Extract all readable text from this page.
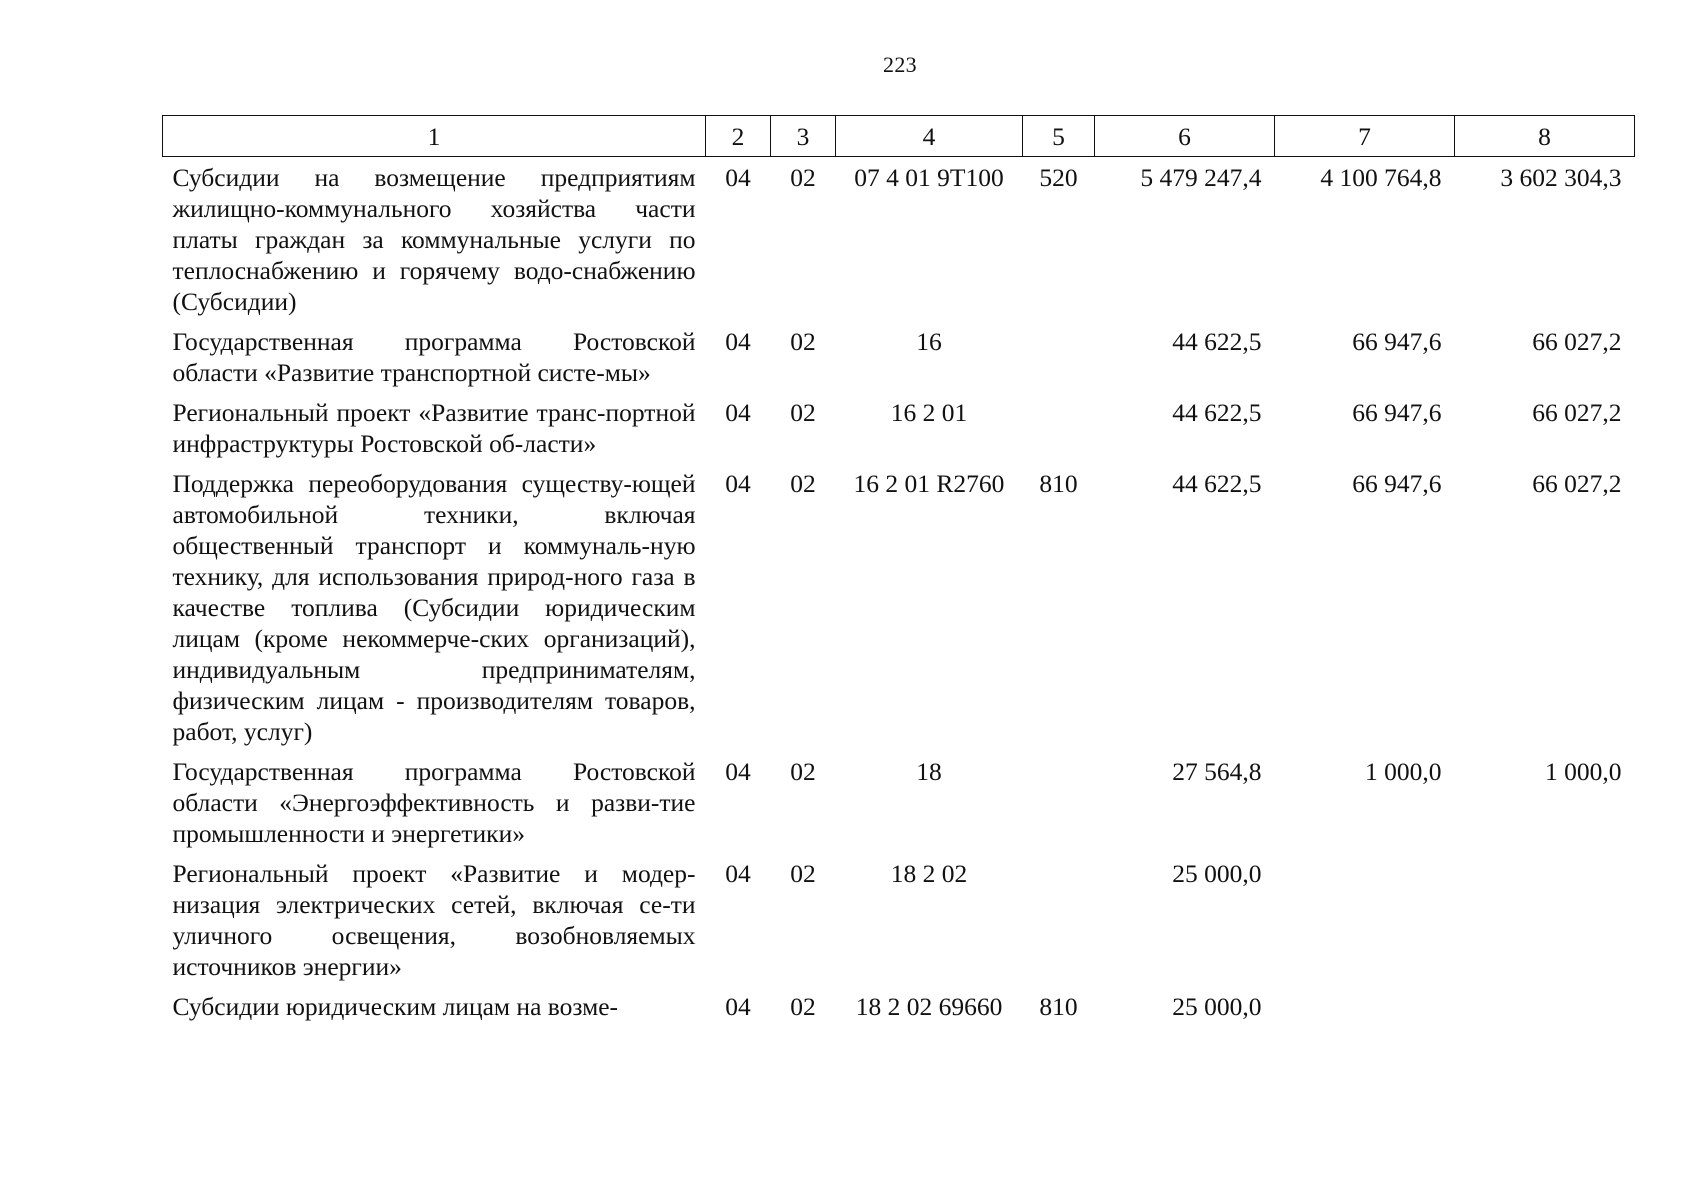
223
1	2	3	4	5	6	7	8
Субсидии на возмещение предприятиям жилищно-коммунального хозяйства части платы граждан за коммунальные услуги по теплоснабжению и горячему водо-снабжению (Субсидии)	04	02	07 4 01 9Т100	520	5 479 247,4	4 100 764,8	3 602 304,3
Государственная программа Ростовской области «Развитие транспортной систе-мы»	04	02	16		44 622,5	66 947,6	66 027,2
Региональный проект «Развитие транс-портной инфраструктуры Ростовской об-ласти»	04	02	16 2 01		44 622,5	66 947,6	66 027,2
Поддержка переоборудования существу-ющей автомобильной техники, включая общественный транспорт и коммуналь-ную технику, для использования природ-ного газа в качестве топлива (Субсидии юридическим лицам (кроме некоммерче-ских организаций), индивидуальным предпринимателям, физическим лицам - производителям товаров, работ, услуг)	04	02	16 2 01 R2760	810	44 622,5	66 947,6	66 027,2
Государственная программа Ростовской области «Энергоэффективность и разви-тие промышленности и энергетики»	04	02	18		27 564,8	1 000,0	1 000,0
Региональный проект «Развитие и модер-низация электрических сетей, включая се-ти уличного освещения, возобновляемых источников энергии»	04	02	18 2 02		25 000,0		
Субсидии юридическим лицам на возме-	04	02	18 2 02 69660	810	25 000,0		
